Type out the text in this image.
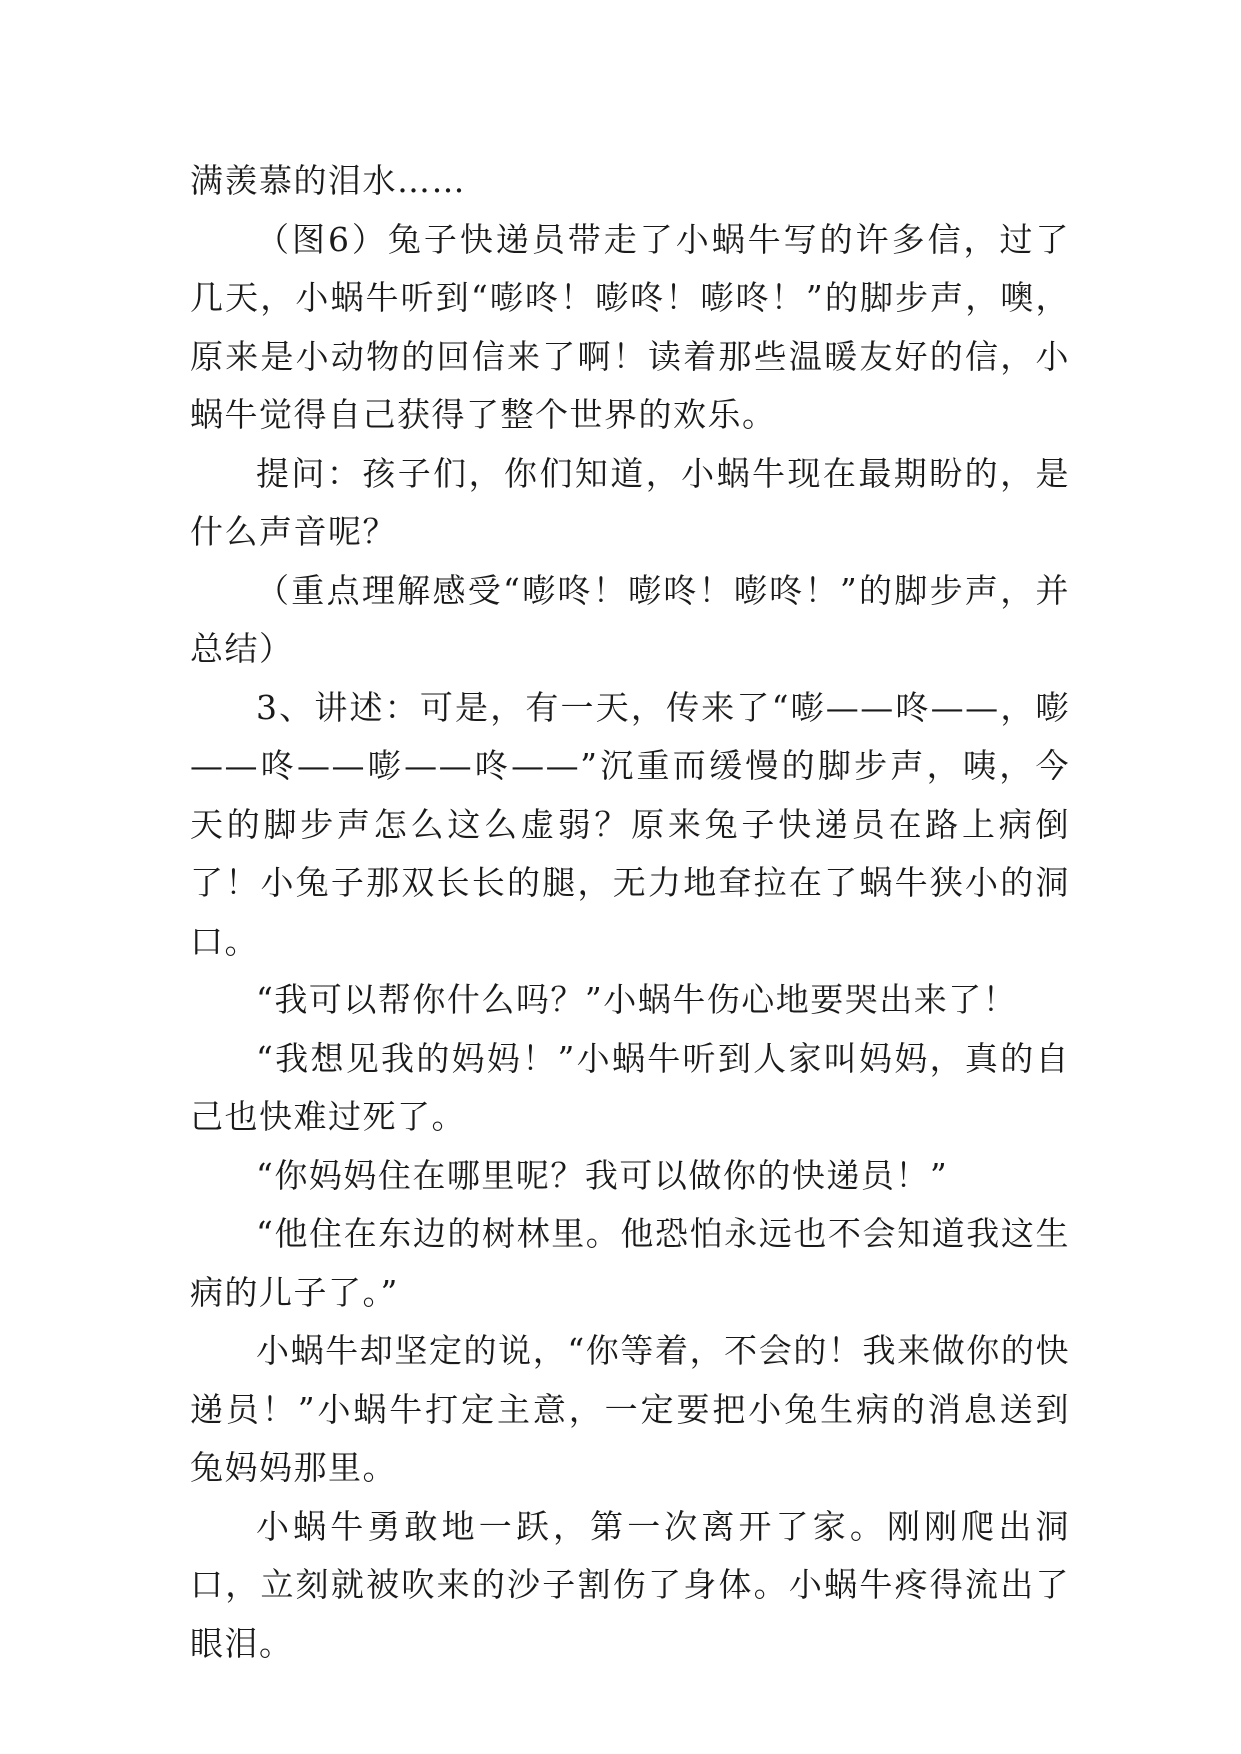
满羡慕的泪水……

（图6）兔子快递员带走了小蜗牛写的许多信，过了几天，小蜗牛听到“嘭咚！嘭咚！嘭咚！”的脚步声，噢，原来是小动物的回信来了啊！读着那些温暖友好的信，小蜗牛觉得自己获得了整个世界的欢乐。

提问：孩子们，你们知道，小蜗牛现在最期盼的，是什么声音呢？

（重点理解感受“嘭咚！嘭咚！嘭咚！”的脚步声，并总结）

3、讲述：可是，有一天，传来了“嘭——咚——，嘭——咚——嘭——咚——”沉重而缓慢的脚步声，咦，今天的脚步声怎么这么虚弱？原来兔子快递员在路上病倒了！小兔子那双长长的腿，无力地耷拉在了蜗牛狭小的洞口。

“我可以帮你什么吗？”小蜗牛伤心地要哭出来了！

“我想见我的妈妈！”小蜗牛听到人家叫妈妈，真的自己也快难过死了。

“你妈妈住在哪里呢？我可以做你的快递员！”

“他住在东边的树林里。他恐怕永远也不会知道我这生病的儿子了。”

小蜗牛却坚定的说，“你等着，不会的！我来做你的快递员！”小蜗牛打定主意，一定要把小兔生病的消息送到兔妈妈那里。

小蜗牛勇敢地一跃，第一次离开了家。刚刚爬出洞口，立刻就被吹来的沙子割伤了身体。小蜗牛疼得流出了眼泪。
